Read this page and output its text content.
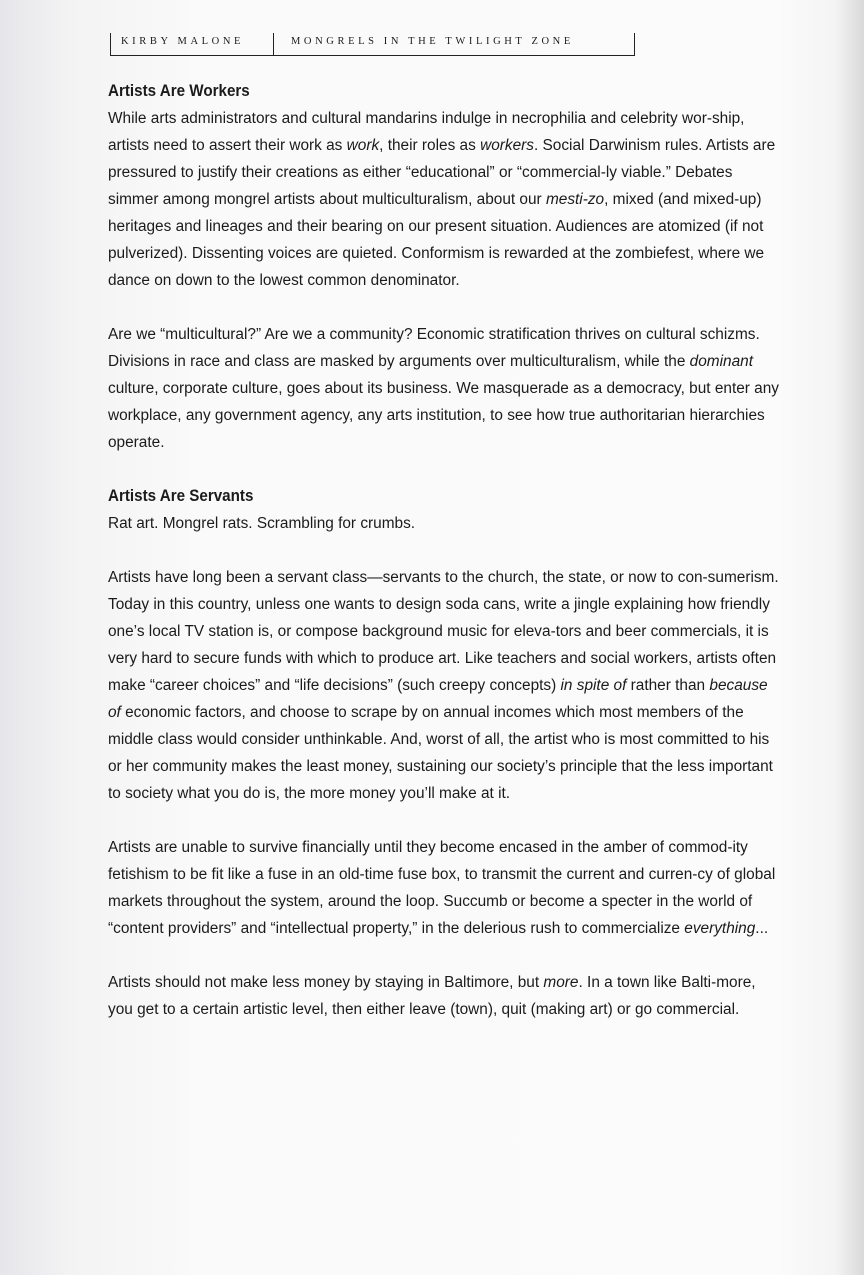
KIRBY MALONE	MONGRELS IN THE TWILIGHT ZONE
Artists Are Workers

While arts administrators and cultural mandarins indulge in necrophilia and celebrity wor-ship, artists need to assert their work as work, their roles as workers. Social Darwinism rules. Artists are pressured to justify their creations as either “educational” or “commercial-ly viable.” Debates simmer among mongrel artists about multiculturalism, about our mesti-zo, mixed (and mixed-up) heritages and lineages and their bearing on our present situation. Audiences are atomized (if not pulverized). Dissenting voices are quieted. Conformism is rewarded at the zombiefest, where we dance on down to the lowest common denominator.

Are we “multicultural?” Are we a community? Economic stratification thrives on cultural schizms. Divisions in race and class are masked by arguments over multiculturalism, while the dominant culture, corporate culture, goes about its business. We masquerade as a democracy, but enter any workplace, any government agency, any arts institution, to see how true authoritarian hierarchies operate.

Artists Are Servants

Rat art. Mongrel rats. Scrambling for crumbs.

Artists have long been a servant class—servants to the church, the state, or now to con-sumerism. Today in this country, unless one wants to design soda cans, write a jingle explaining how friendly one’s local TV station is, or compose background music for eleva-tors and beer commercials, it is very hard to secure funds with which to produce art. Like teachers and social workers, artists often make “career choices” and “life decisions” (such creepy concepts) in spite of rather than because of economic factors, and choose to scrape by on annual incomes which most members of the middle class would consider unthinkable. And, worst of all, the artist who is most committed to his or her community makes the least money, sustaining our society’s principle that the less important to society what you do is, the more money you’ll make at it.

Artists are unable to survive financially until they become encased in the amber of commod-ity fetishism to be fit like a fuse in an old-time fuse box, to transmit the current and curren-cy of global markets throughout the system, around the loop. Succumb or become a specter in the world of “content providers” and “intellectual property,” in the delerious rush to commercialize everything...

Artists should not make less money by staying in Baltimore, but more. In a town like Balti-more, you get to a certain artistic level, then either leave (town), quit (making art) or go commercial.
